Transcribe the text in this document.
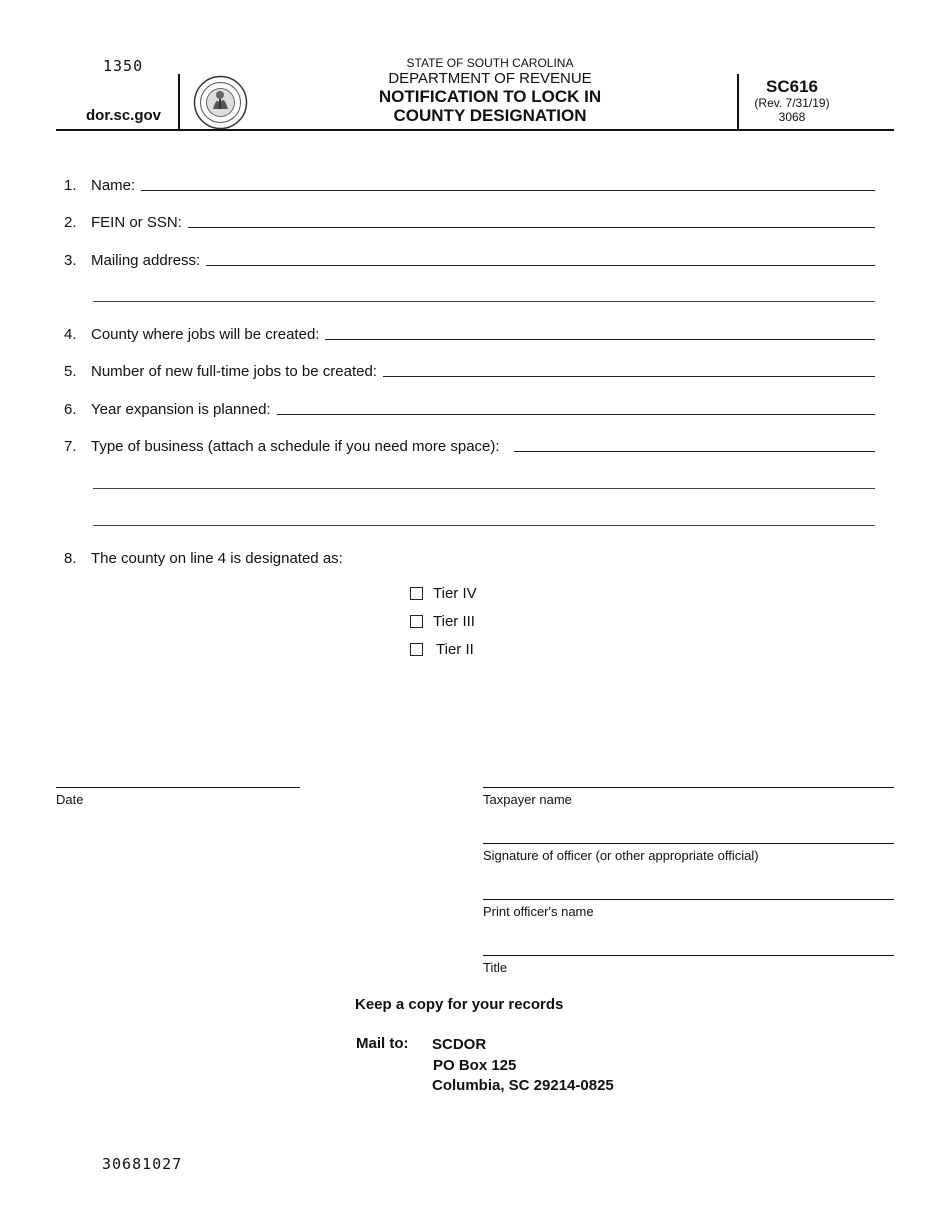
1350
dor.sc.gov
STATE OF SOUTH CAROLINA
DEPARTMENT OF REVENUE
NOTIFICATION TO LOCK IN
COUNTY DESIGNATION
SC616
(Rev. 7/31/19)
3068
1. Name:
2. FEIN or SSN:
3. Mailing address:
4. County where jobs will be created:
5. Number of new full-time jobs to be created:
6. Year expansion is planned:
7. Type of business (attach a schedule if you need more space):
8. The county on line 4 is designated as:
Tier IV
Tier III
Tier II
Date	Taxpayer name
Signature of officer (or other appropriate official)
Print officer's name
Title
Keep a copy for your records
Mail to: SCDOR
PO Box 125
Columbia, SC 29214-0825
30681027
